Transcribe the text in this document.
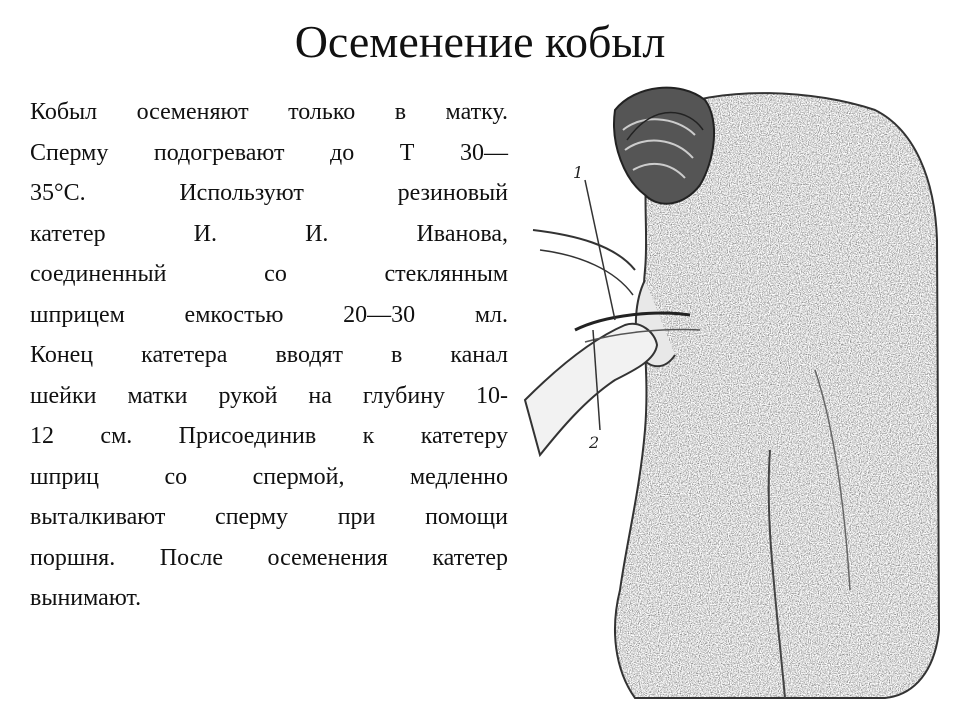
Осеменение кобыл
Кобыл осеменяют только в матку.
Сперму подогревают до Т 30—
35°С. Используют резиновый
катетер И. И. Иванова,
соединенный со стеклянным
шприцем емкостью 20—30 мл.
Конец катетера вводят в канал
шейки матки рукой на глубину 10-
12 см. Присоединив к катетеру
шприц со спермой, медленно
выталкивают сперму при помощи
поршня. После осеменения катетер
вынимают.
1
2
